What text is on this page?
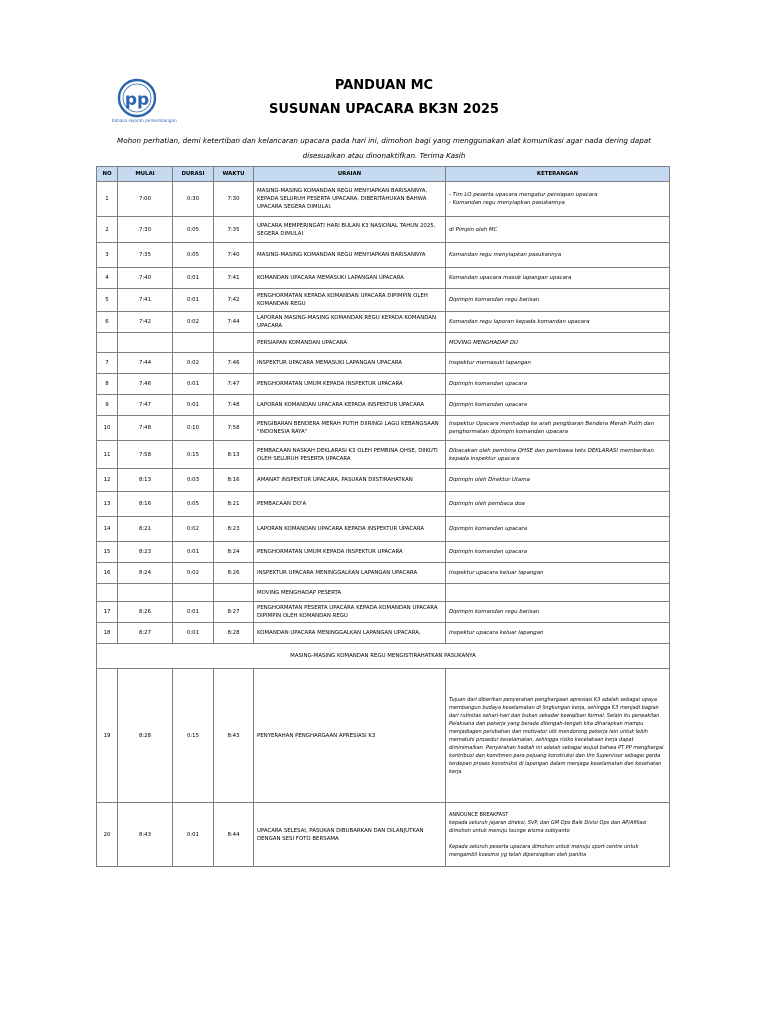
pp
bahasa sejarah perkembangan
PANDUAN MC
SUSUNAN UPACARA BK3N 2025
Mohon perhatian, demi ketertiban dan kelancaran upacara pada hari ini, dimohon bagi yang menggunakan alat komunikasi agar nada dering dapat disesuaikan atau dinonaktifkan. Terima Kasih
NO	MULAI	DURASI	WAKTU	URAIAN	KETERANGAN
1	7:00	0:30	7:30	MASING-MASING KOMANDAN REGU MENYIAPKAN BARISANNYA, KEPADA SELURUH PESERTA UPACARA, DIBERITAHUKAN BAHWA UPACARA SEGERA DIMULAI.	- Tim LO peserta upacara mengatur persiapan upacara
- Komandan regu menyiapkan pasukannya
2	7:30	0:05	7:35	UPACARA MEMPERINGATI HARI BULAN K3 NASIONAL TAHUN 2025, SEGERA DIMULAI	di Pimpin oleh MC
3	7:35	0:05	7:40	MASING-MASING KOMANDAN REGU MENYIAPKAN BARISANNYA	Komandan regu menyiapkan pasukannya
4	7:40	0:01	7:41	KOMANDAN UPACARA MEMASUKI LAPANGAN UPACARA	Komandan upacara masuk lapangan upacara
5	7:41	0:01	7:42	PENGHORMATAN KEPADA KOMANDAN UPACARA DIPIMPIN OLEH KOMANDAN REGU	Dipimpin komandan regu barisan
6	7:42	0:02	7:44	LAPORAN MASING-MASING KOMANDAN REGU KEPADA KOMANDAN UPACARA	Komandan regu laporan kepada komandan upacara
				PERSIAPAN KOMANDAN UPACARA	MOVING MENGHADAP DU
7	7:44	0:02	7:46	INSPEKTUR UPACARA MEMASUKI LAPANGAN UPACARA	Inspektur memasuki lapangan
8	7:46	0:01	7:47	PENGHORMATAN UMUM KEPADA INSPEKTUR UPACARA	Dipimpin komandan upacara
9	7:47	0:01	7:48	LAPORAN KOMANDAN UPACARA KEPADA INSPEKTUR UPACARA	Dipimpin komandan upacara
10	7:48	0:10	7:58	PENGIBARAN BENDERA MERAH PUTIH DIIRINGI LAGU KEBANGSAAN "INDONESIA RAYA"	Inspektur Upacara menhadap ke arah pengibaran Bendera Merah Putih dan penghormatan dipimpin komandan upacara
11	7:58	0:15	8:13	PEMBACAAN NASKAH DEKLARASI K3 OLEH PEMBINA QHSE, DIIKUTI OLEH SELURUH PESERTA UPACARA	Dibacakan oleh pembina QHSE dan pembawa teks DEKLARASI memberikan kepada inspektur upacara
12	8:13	0:03	8:16	AMANAT INSPEKTUR UPACARA, PASUKAN DIISTIRAHATKAN	Dipimpin oleh Direktur Utama
13	8:16	0:05	8:21	PEMBACAAN DO'A	Dipimpin oleh pembaca doa
14	8:21	0:02	8:23	LAPORAN KOMANDAN UPACARA KEPADA INSPEKTUR UPACARA	Dipimpin komandan upacara
15	8:23	0:01	8:24	PENGHORMATAN UMUM KEPADA INSPEKTUR UPACARA	Dipimpin komandan upacara
16	8:24	0:02	8:26	INSPEKTUR UPACARA MENINGGALKAN LAPANGAN UPACARA	Inspektur upacara keluar lapangan
				MOVING MENGHADAP PESERTA	
17	8:26	0:01	8:27	PENGHORMATAN PESERTA UPACARA KEPADA KOMANDAN UPACARA DIPIMPIN OLEH KOMANDAN REGU	Dipimpin komandan regu barisan
18	8:27	0:01	8:28	KOMANDAN UPACARA MENINGGALKAN LAPANGAN UPACARA,	Inspektur upacara keluar lapangan
MASING-MASING KOMANDAN REGU MENGISTIRAHATKAN PASUKANYA					
19	8:28	0:15	8:43	PENYERAHAN PENGHARGAAN APRESIASI K3	Tujuan dari diberikan penyerahan penghargaan apresiasi K3 adalah sebagai upaya membangun budaya keselamatan di lingkungan kerja, sehingga K3 menjadi bagian dari rutinitas sehari-hari dan bukan sekadar kewajiban formal. Selain itu perwakilan Pelaksana dan pekerja yang berada ditengah-tengah kita diharapkan mampu menjadiagen perubahan dan motivator utk mendorong pekerja lain untuk lebih mematuhi prosedur keselamatan, sehingga risiko kecelakaan kerja dapat diminimalkan. Penyerahan hadiah ini adalah sebagai wujud bahwa PT PP menghargai kontribusi dan komitmen para pejuang konstruksi dan tim Supervisor sebagai garda terdepan proses konstruksi di lapangan dalam menjaga keselamatan dan kesehatan kerja
20	8:43	0:01	8:44	UPACARA SELESAI, PASUKAN DIBUBARKAN DAN DILANJUTKAN DENGAN SESI FOTO BERSAMA	ANNOUNCE BREAKFAST
kepada seluruh jajaran direksi, SVP, dan GM Ops Baik Divisi Ops dan AP/Afiliasi dimohon untuk menuju lounge wisma subiyanto
Kepada seluruh peserta upacara dimohon untuk menuju sport centre untuk mengambil koesmsi yg telah dipersiapkan oleh panitia
